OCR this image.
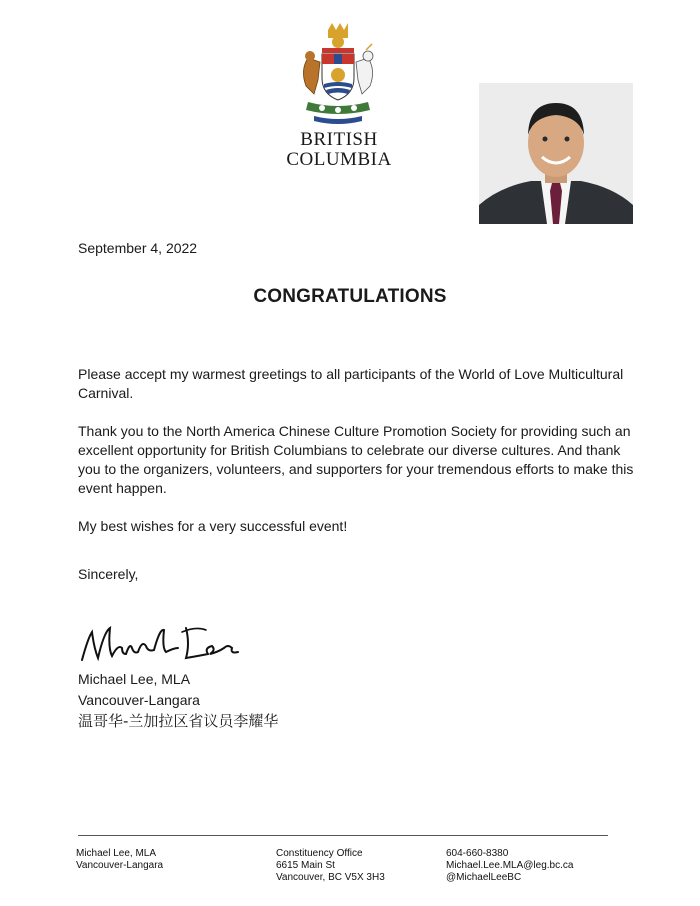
BRITISH
COLUMBIA
September 4, 2022
CONGRATULATIONS

Please accept my warmest greetings to all participants of the World of Love Multicultural Carnival.

Thank you to the North America Chinese Culture Promotion Society for providing such an excellent opportunity for British Columbians to celebrate our diverse cultures. And thank you to the organizers, volunteers, and supporters for your tremendous efforts to make this event happen.

My best wishes for a very successful event!

Sincerely,
Michael Lee, MLA
Vancouver-Langara
温哥华-兰加拉区省议员李耀华
Michael Lee, MLA
Vancouver-Langara
Constituency Office
6615 Main St
Vancouver, BC V5X 3H3
604-660-8380
Michael.Lee.MLA@leg.bc.ca
@MichaelLeeBC
